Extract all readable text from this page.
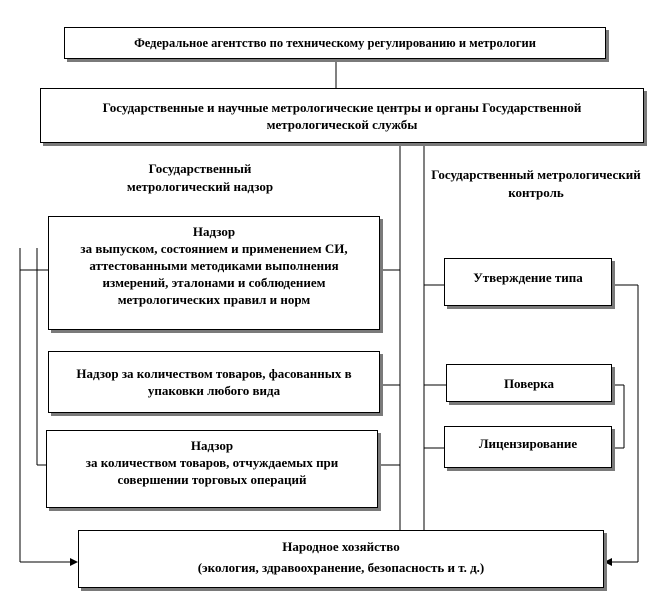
Федеральное агентство по техническому регулированию и метрологии
Государственные и научные метрологические центры и органы Государственной метрологической службы
Государственный метрологический надзор
Государственный метрологический контроль
Надзор
за выпуском, состоянием и применением СИ, аттестованными методиками выполнения измерений, эталонами и соблюдением метрологических правил и норм
Надзор за количеством товаров, фасованных в упаковки любого вида
Надзор
за количеством товаров, отчуждаемых при совершении торговых операций
Утверждение типа
Поверка
Лицензирование
Народное хозяйство
(экология, здравоохранение, безопасность и т. д.)
